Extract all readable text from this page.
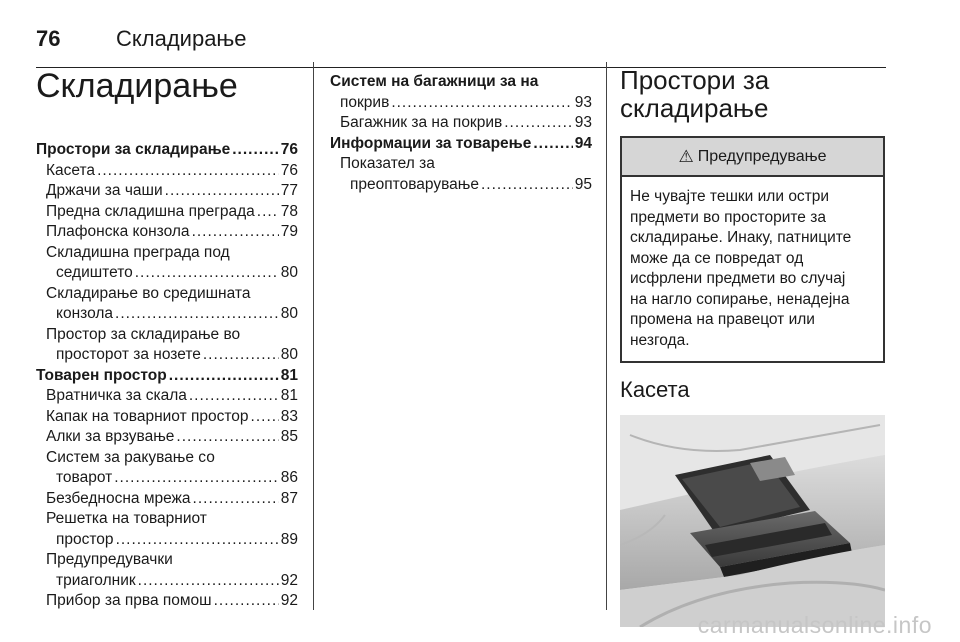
76	Складирање
Складирање
Простори за складирање .....	76
Касета .....	76
Држачи за чаши .....	77
Предна складишна преграда ..... 78
Плафонска конзола .....	79
Складишна преграда под
седиштето .....	80
Складирање во средишната
конзола .....	80
Простор за складирање во
просторот за нозете .....	80
Товарен простор .....	81
Вратничка за скала .....	81
Капак на товарниот простор ..... 83
Алки за врзување .....	85
Систем за ракување со
товарот .....	86
Безбедносна мрежа .....	87
Решетка на товарниот
простор .....	89
Предупредувачки
триаголник .....	92
Прибор за прва помош .....	92
Систем на багажници за на
покрив .....	93
Багажник за на покрив .....	93
Информации за товарење .....	94
Показател за
преоптоварување .....	95
Простори за
складирање
⚠ Предупредување
Не чувајте тешки или остри
предмети во просторите за
складирање. Инаку, патниците
може да се повредат од
исфрлени предмети во случај
на нагло сопирање, ненадејна
промена на правецот или
незгода.
Касета
carmanualsonline.info
